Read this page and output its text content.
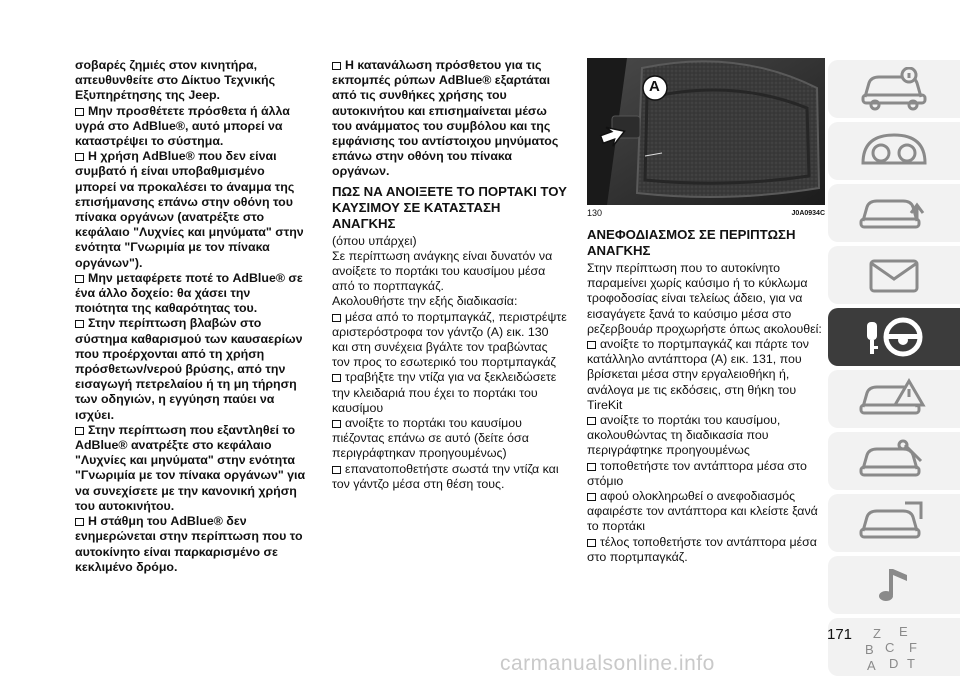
σοβαρές ζημιές στον κινητήρα,

απευθυνθείτε στο Δίκτυο Τεχνικής

Εξυπηρέτησης της Jeep.

Μην προσθέτετε πρόσθετα ή άλλα υγρά στο AdBlue®, αυτό μπορεί να καταστρέψει το σύστημα.

Η χρήση AdBlue® που δεν είναι συμβατό ή είναι υποβαθμισμένο μπορεί να προκαλέσει το άναμμα της επισήμανσης επάνω στην οθόνη του πίνακα οργάνων (ανατρέξτε στο κεφάλαιο "Λυχνίες και μηνύματα" στην ενότητα "Γνωριμία με τον πίνακα οργάνων").

Μην μεταφέρετε ποτέ το AdBlue® σε ένα άλλο δοχείο: θα χάσει την ποιότητα της καθαρότητας του.

Στην περίπτωση βλαβών στο σύστημα καθαρισμού των καυσαερίων που προέρχονται από τη χρήση πρόσθετων/νερού βρύσης, από την εισαγωγή πετρελαίου ή τη μη τήρηση των οδηγιών, η εγγύηση παύει να ισχύει.

Στην περίπτωση που εξαντληθεί το AdBlue® ανατρέξτε στο κεφάλαιο "Λυχνίες και μηνύματα" στην ενότητα "Γνωριμία με τον πίνακα οργάνων" για να συνεχίσετε με την κανονική χρήση του αυτοκινήτου.

Η στάθμη του AdBlue® δεν ενημερώνεται στην περίπτωση που το αυτοκίνητο είναι παρκαρισμένο σε κεκλιμένο δρόμο.

Η κατανάλωση πρόσθετου για τις εκπομπές ρύπων AdBlue® εξαρτάται από τις συνθήκες χρήσης του αυτοκινήτου και επισημαίνεται μέσω του ανάμματος του συμβόλου και της εμφάνισης του αντίστοιχου μηνύματος επάνω στην οθόνη του πίνακα οργάνων.

ΠΩΣ ΝΑ ΑΝΟΙΞΕΤΕ ΤΟ ΠΟΡΤΑΚΙ ΤΟΥ ΚΑΥΣΙΜΟΥ ΣΕ ΚΑΤΑΣΤΑΣΗ ΑΝΑΓΚΗΣ

(όπου υπάρχει)

Σε περίπτωση ανάγκης είναι δυνατόν να ανοίξετε το πορτάκι του καυσίμου μέσα από το πορτπαγκάζ.

Ακολουθήστε την εξής διαδικασία:

μέσα από το πορτμπαγκάζ, περιστρέψτε αριστερόστροφα τον γάντζο (A) εικ. 130 και στη συνέχεια βγάλτε τον τραβώντας τον προς το εσωτερικό του πορτμπαγκάζ

τραβήξτε την ντίζα για να ξεκλειδώσετε την κλειδαριά που έχει το πορτάκι του καυσίμου

ανοίξτε το πορτάκι του καυσίμου πιέζοντας επάνω σε αυτό (δείτε όσα περιγράφτηκαν προηγουμένως)

επανατοποθετήστε σωστά την ντίζα και τον γάντζο μέσα στη θέση τους.

A
130	J0A0934C

ΑΝΕΦΟΔΙΑΣΜΟΣ ΣΕ ΠΕΡΙΠΤΩΣΗ ΑΝΑΓΚΗΣ

Στην περίπτωση που το αυτοκίνητο παραμείνει χωρίς καύσιμο ή το κύκλωμα τροφοδοσίας είναι τελείως άδειο, για να εισαγάγετε ξανά το καύσιμο μέσα στο ρεζερβουάρ προχωρήστε όπως ακολουθεί:

ανοίξτε το πορτμπαγκάζ και πάρτε τον κατάλληλο αντάπτορα (A) εικ. 131, που βρίσκεται μέσα στην εργαλειοθήκη ή, ανάλογα με τις εκδόσεις, στη θήκη του TireKit

ανοίξτε το πορτάκι του καυσίμου, ακολουθώντας τη διαδικασία που περιγράφτηκε προηγουμένως

τοποθετήστε τον αντάπτορα μέσα στο στόμιο

αφού ολοκληρωθεί ο ανεφοδιασμός αφαιρέστε τον αντάπτορα και κλείστε ξανά το πορτάκι

τέλος τοποθετήστε τον αντάπτορα μέσα στο πορτμπαγκάζ.

Z E
B C F
D
A T
171
carmanualsonline.info
